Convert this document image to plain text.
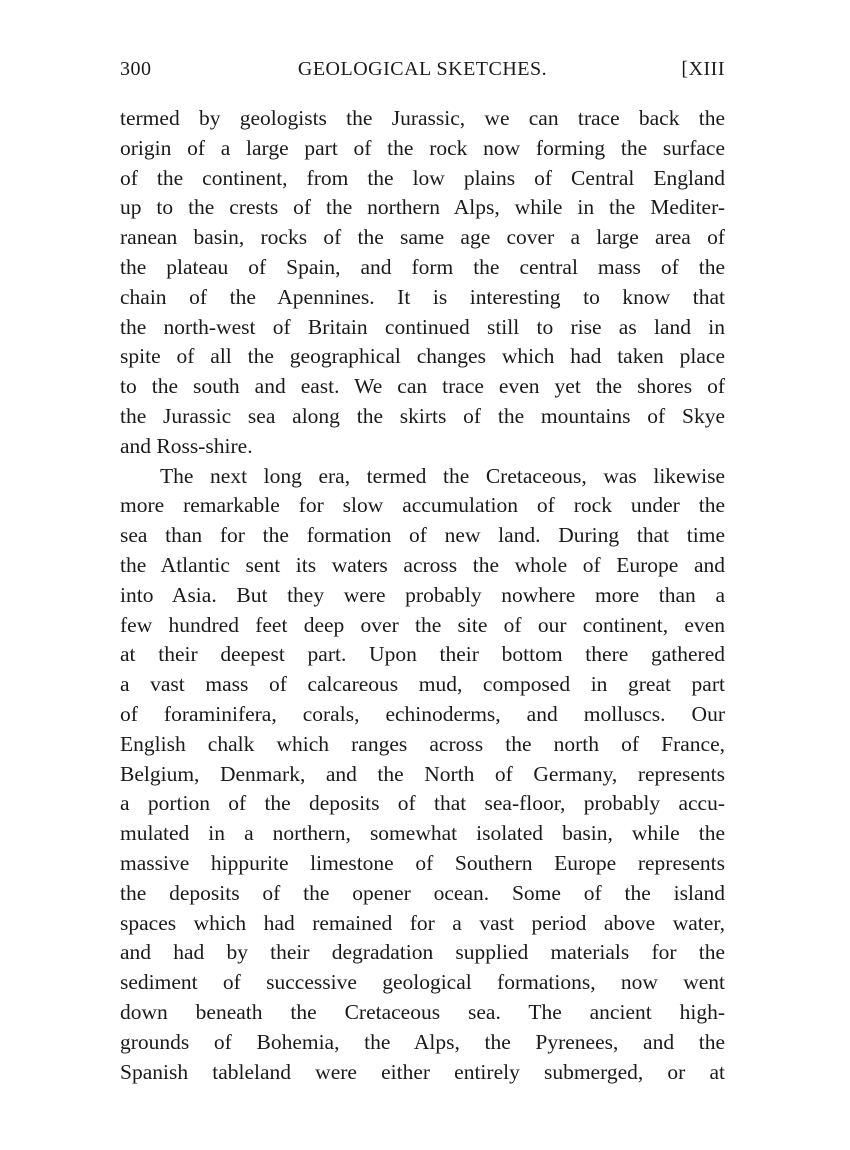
300	GEOLOGICAL SKETCHES.	[XIII
termed by geologists the Jurassic, we can trace back the
origin of a large part of the rock now forming the surface
of the continent, from the low plains of Central England
up to the crests of the northern Alps, while in the Mediter-
ranean basin, rocks of the same age cover a large area of
the plateau of Spain, and form the central mass of the
chain of the Apennines. It is interesting to know that
the north-west of Britain continued still to rise as land in
spite of all the geographical changes which had taken place
to the south and east. We can trace even yet the shores of
the Jurassic sea along the skirts of the mountains of Skye
and Ross-shire.
The next long era, termed the Cretaceous, was likewise
more remarkable for slow accumulation of rock under the
sea than for the formation of new land. During that time
the Atlantic sent its waters across the whole of Europe and
into Asia. But they were probably nowhere more than a
few hundred feet deep over the site of our continent, even
at their deepest part. Upon their bottom there gathered
a vast mass of calcareous mud, composed in great part
of foraminifera, corals, echinoderms, and molluscs. Our
English chalk which ranges across the north of France,
Belgium, Denmark, and the North of Germany, represents
a portion of the deposits of that sea-floor, probably accu-
mulated in a northern, somewhat isolated basin, while the
massive hippurite limestone of Southern Europe represents
the deposits of the opener ocean. Some of the island
spaces which had remained for a vast period above water,
and had by their degradation supplied materials for the
sediment of successive geological formations, now went
down beneath the Cretaceous sea. The ancient high-
grounds of Bohemia, the Alps, the Pyrenees, and the
Spanish tableland were either entirely submerged, or at
